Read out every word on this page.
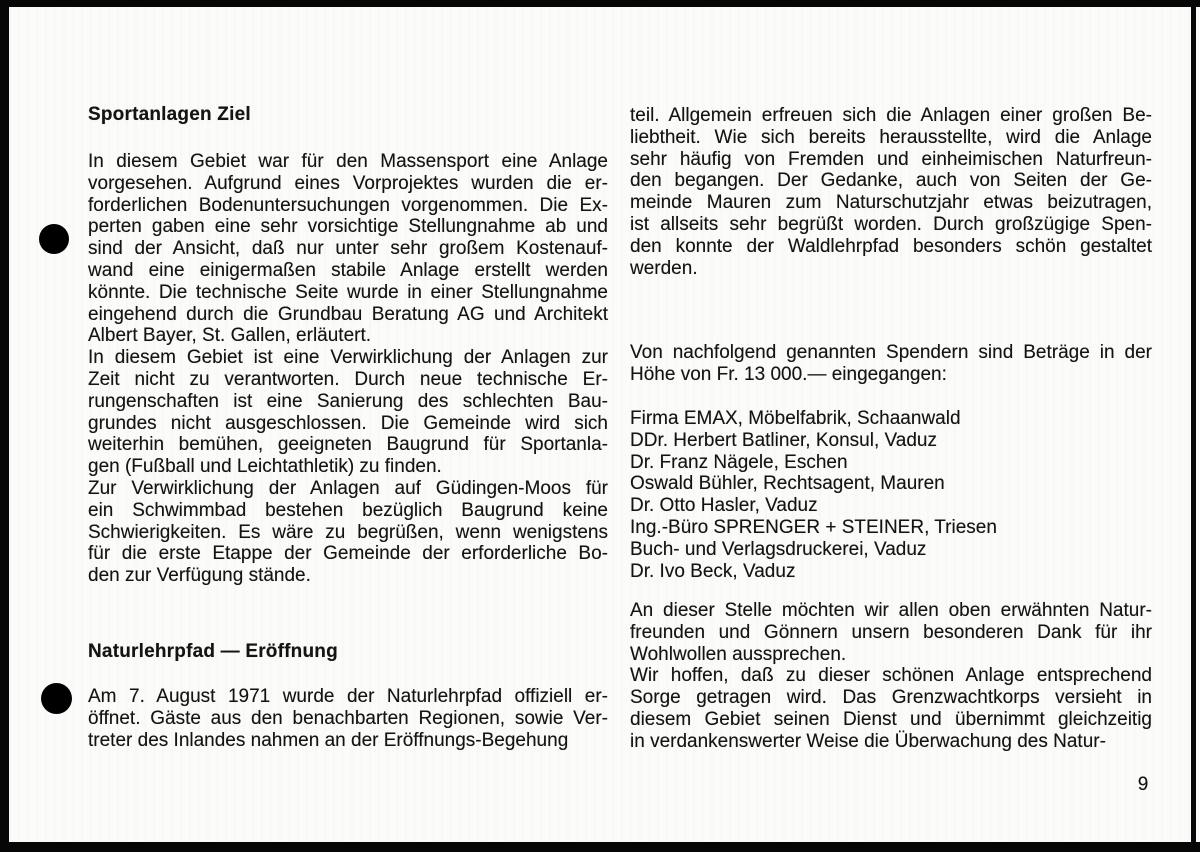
Sportanlagen Ziel
In diesem Gebiet war für den Massensport eine Anlage
vorgesehen. Aufgrund eines Vorprojektes wurden die er-
forderlichen Bodenuntersuchungen vorgenommen. Die Ex-
perten gaben eine sehr vorsichtige Stellungnahme ab und
sind der Ansicht, daß nur unter sehr großem Kostenauf-
wand eine einigermaßen stabile Anlage erstellt werden
könnte. Die technische Seite wurde in einer Stellungnahme
eingehend durch die Grundbau Beratung AG und Architekt
Albert Bayer, St. Gallen, erläutert.
In diesem Gebiet ist eine Verwirklichung der Anlagen zur
Zeit nicht zu verantworten. Durch neue technische Er-
rungenschaften ist eine Sanierung des schlechten Bau-
grundes nicht ausgeschlossen. Die Gemeinde wird sich
weiterhin bemühen, geeigneten Baugrund für Sportanla-
gen (Fußball und Leichtathletik) zu finden.
Zur Verwirklichung der Anlagen auf Güdingen-Moos für
ein Schwimmbad bestehen bezüglich Baugrund keine
Schwierigkeiten. Es wäre zu begrüßen, wenn wenigstens
für die erste Etappe der Gemeinde der erforderliche Bo-
den zur Verfügung stände.
Naturlehrpfad — Eröffnung
Am 7. August 1971 wurde der Naturlehrpfad offiziell er-
öffnet. Gäste aus den benachbarten Regionen, sowie Ver-
treter des Inlandes nahmen an der Eröffnungs-Begehung
teil. Allgemein erfreuen sich die Anlagen einer großen Be-
liebtheit. Wie sich bereits herausstellte, wird die Anlage
sehr häufig von Fremden und einheimischen Naturfreun-
den begangen. Der Gedanke, auch von Seiten der Ge-
meinde Mauren zum Naturschutzjahr etwas beizutragen,
ist allseits sehr begrüßt worden. Durch großzügige Spen-
den konnte der Waldlehrpfad besonders schön gestaltet
werden.
Von nachfolgend genannten Spendern sind Beträge in der
Höhe von Fr. 13 000.— eingegangen:
Firma EMAX, Möbelfabrik, Schaanwald
DDr. Herbert Batliner, Konsul, Vaduz
Dr. Franz Nägele, Eschen
Oswald Bühler, Rechtsagent, Mauren
Dr. Otto Hasler, Vaduz
Ing.-Büro SPRENGER + STEINER, Triesen
Buch- und Verlagsdruckerei, Vaduz
Dr. Ivo Beck, Vaduz
An dieser Stelle möchten wir allen oben erwähnten Natur-
freunden und Gönnern unsern besonderen Dank für ihr
Wohlwollen aussprechen.
Wir hoffen, daß zu dieser schönen Anlage entsprechend
Sorge getragen wird. Das Grenzwachtkorps versieht in
diesem Gebiet seinen Dienst und übernimmt gleichzeitig
in verdankenswerter Weise die Überwachung des Natur-
9
